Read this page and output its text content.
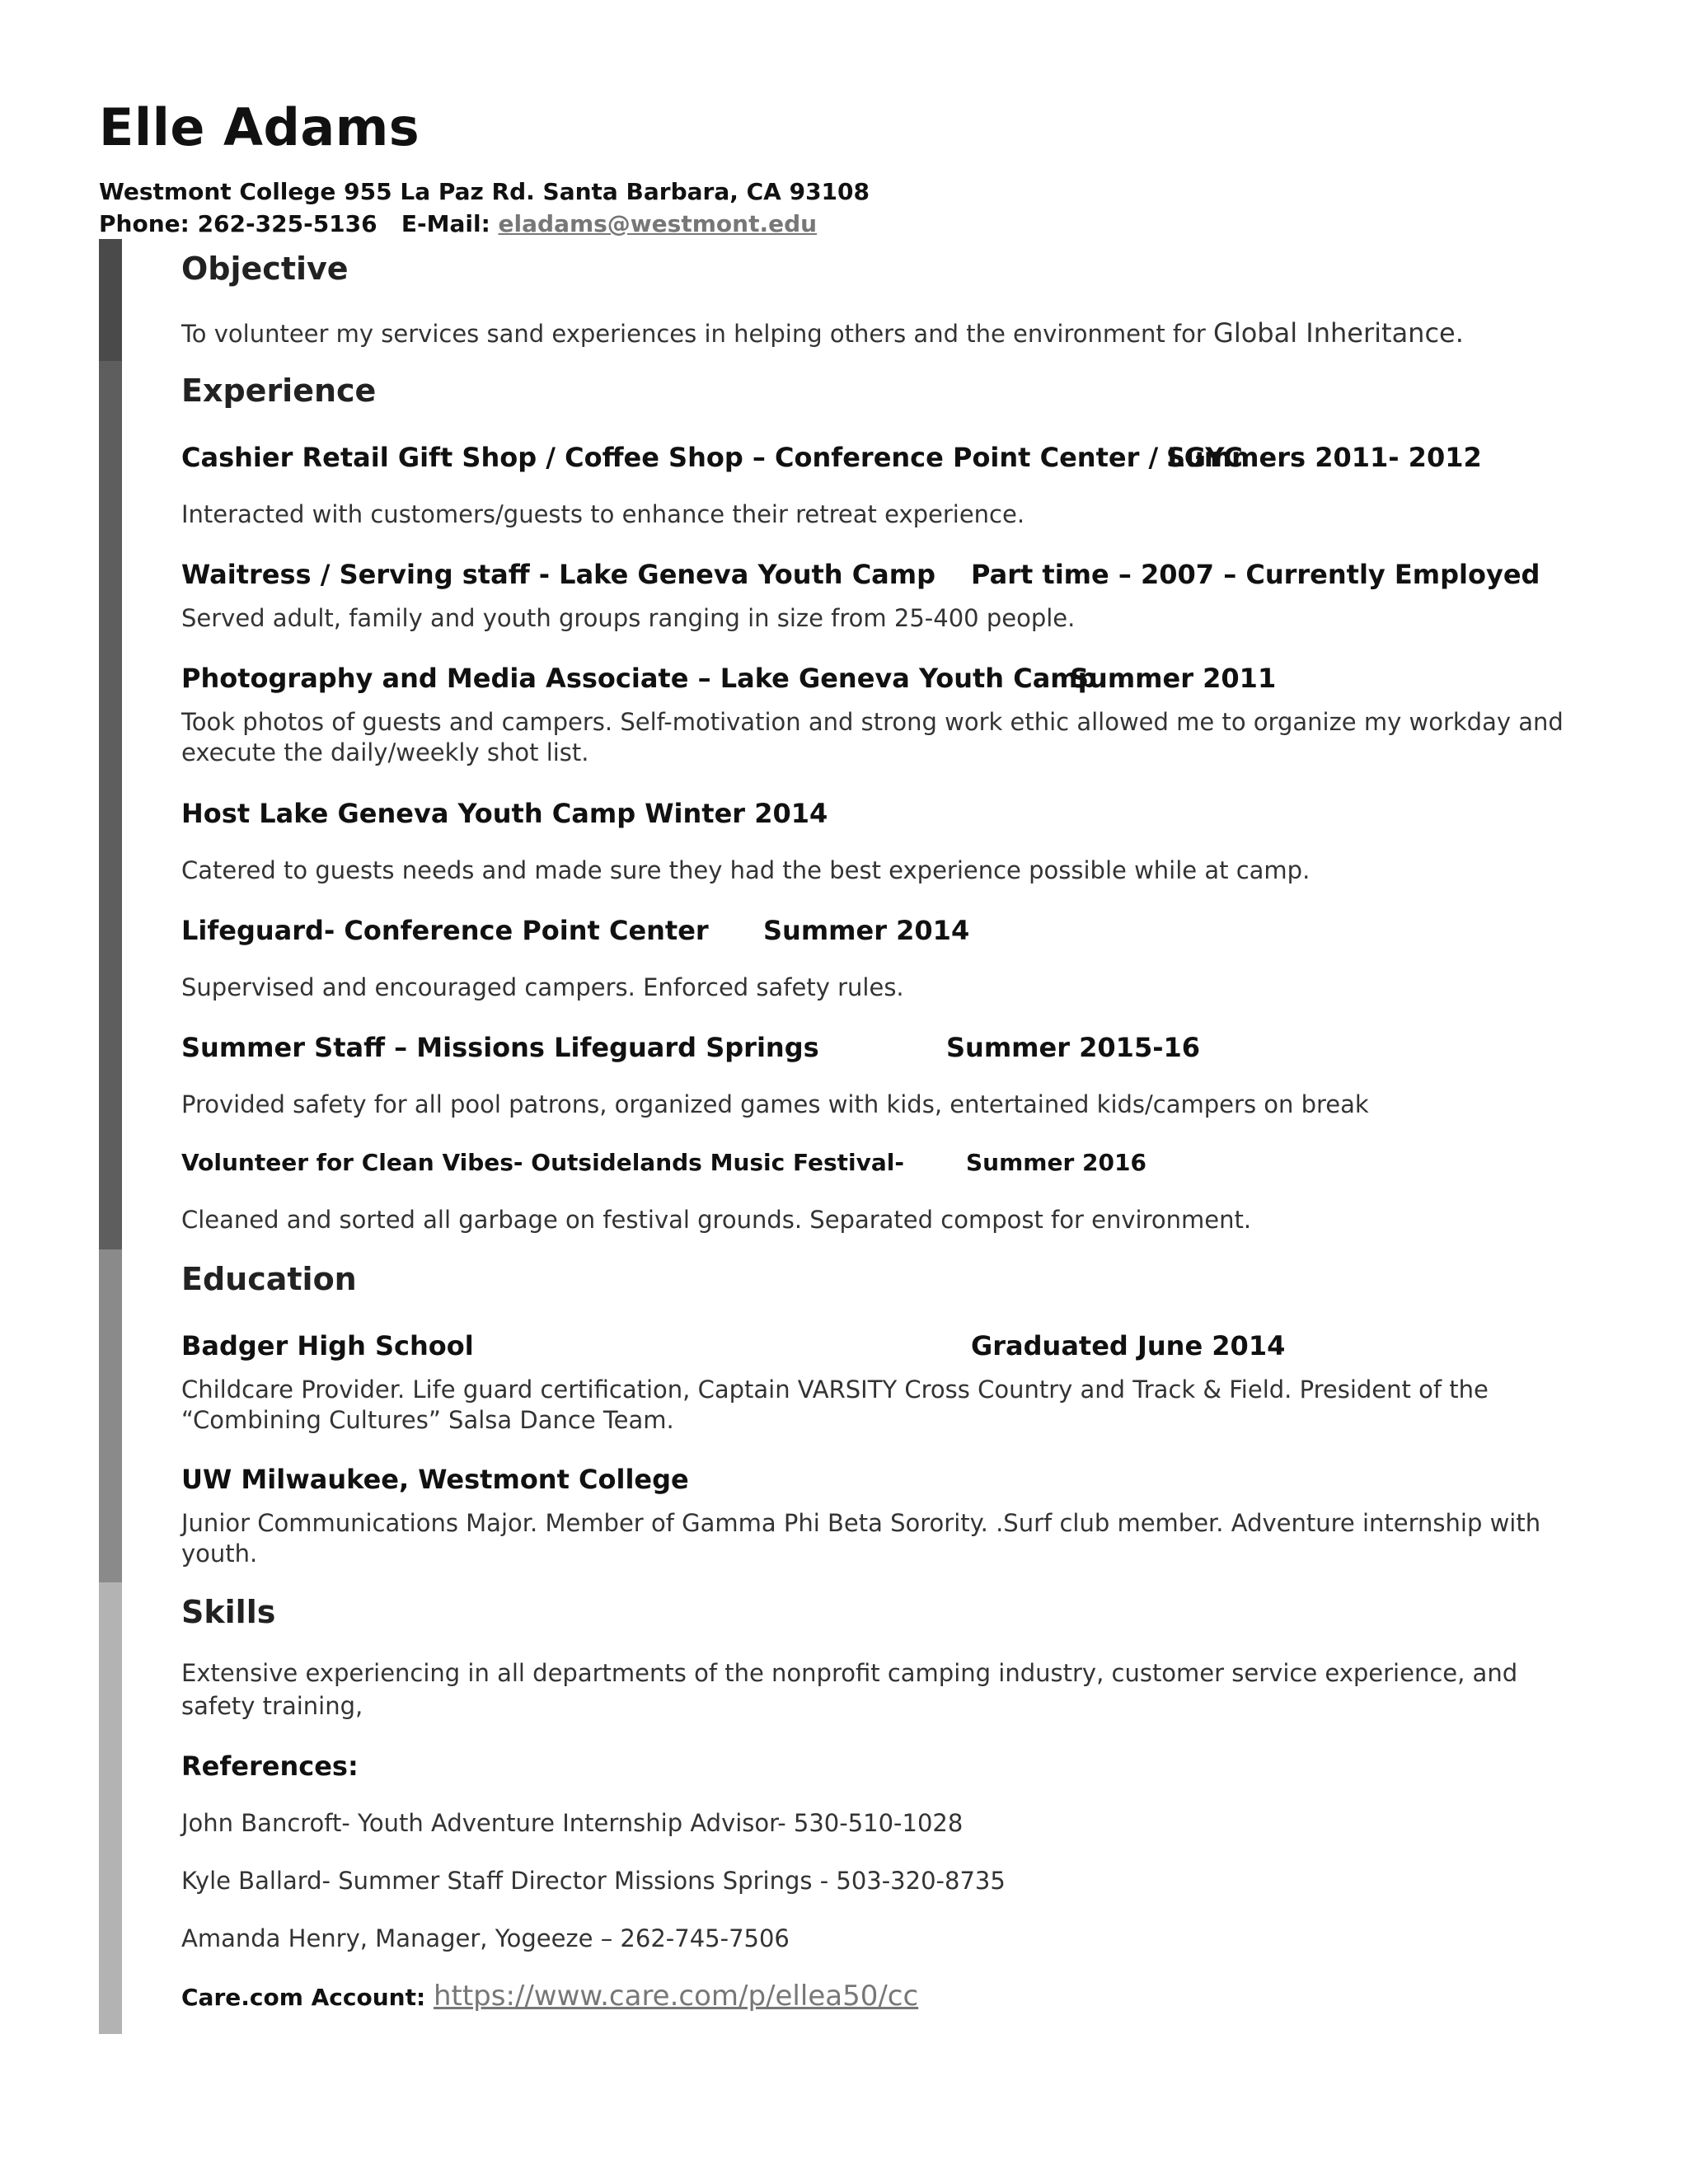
Elle Adams
Westmont College 955 La Paz Rd. Santa Barbara, CA 93108
Phone: 262-325-5136 E-Mail: eladams@westmont.edu
Objective
To volunteer my services sand experiences in helping others and the environment for Global Inheritance.
Experience
Cashier Retail Gift Shop / Coffee Shop – Conference Point Center / LGYC
Summers 2011- 2012
Interacted with customers/guests to enhance their retreat experience.
Waitress / Serving staff - Lake Geneva Youth Camp Part time – 2007 – Currently Employed
Served adult, family and youth groups ranging in size from 25-400 people.
Photography and Media Associate – Lake Geneva Youth Camp
Summer 2011
Took photos of guests and campers. Self-motivation and strong work ethic allowed me to organize my workday and execute the daily/weekly shot list.
Host Lake Geneva Youth Camp Winter 2014
Catered to guests needs and made sure they had the best experience possible while at camp.
Lifeguard- Conference Point Center Summer 2014
Supervised and encouraged campers. Enforced safety rules.
Summer Staff – Missions Lifeguard Springs	Summer 2015-16
Provided safety for all pool patrons, organized games with kids, entertained kids/campers on break
Volunteer for Clean Vibes- Outsidelands Music Festival-	Summer 2016
Cleaned and sorted all garbage on festival grounds. Separated compost for environment.
Education
Badger High School	Graduated June 2014
Childcare Provider. Life guard certification, Captain VARSITY Cross Country and Track & Field. President of the “Combining Cultures” Salsa Dance Team.
UW Milwaukee, Westmont College
Junior Communications Major. Member of Gamma Phi Beta Sorority. .Surf club member. Adventure internship with youth.
Skills
Extensive experiencing in all departments of the nonprofit camping industry, customer service experience, and safety training,
References:
John Bancroft- Youth Adventure Internship Advisor- 530-510-1028
Kyle Ballard- Summer Staff Director Missions Springs - 503-320-8735
Amanda Henry, Manager, Yogeeze – 262-745-7506
Care.com Account: https://www.care.com/p/ellea50/cc
